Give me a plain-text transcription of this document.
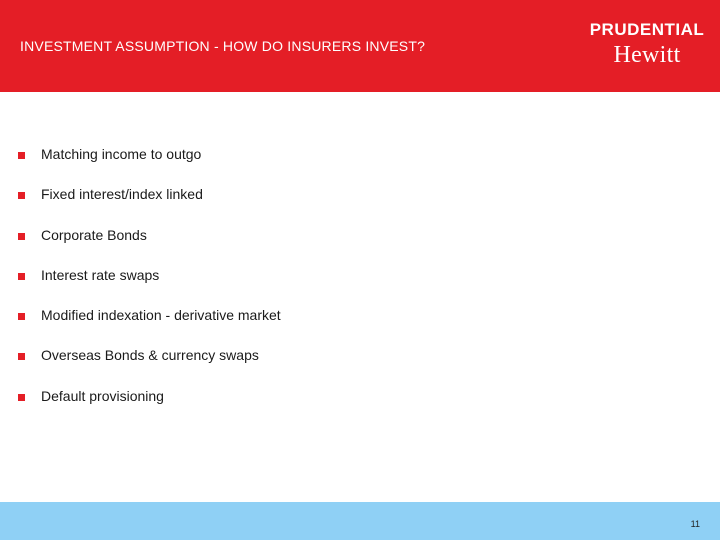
INVESTMENT ASSUMPTION - HOW DO INSURERS INVEST?
PRUDENTIAL
Hewitt
Matching income to outgo
Fixed interest/index linked
Corporate Bonds
Interest rate swaps
Modified indexation - derivative market
Overseas Bonds & currency swaps
Default provisioning
11
